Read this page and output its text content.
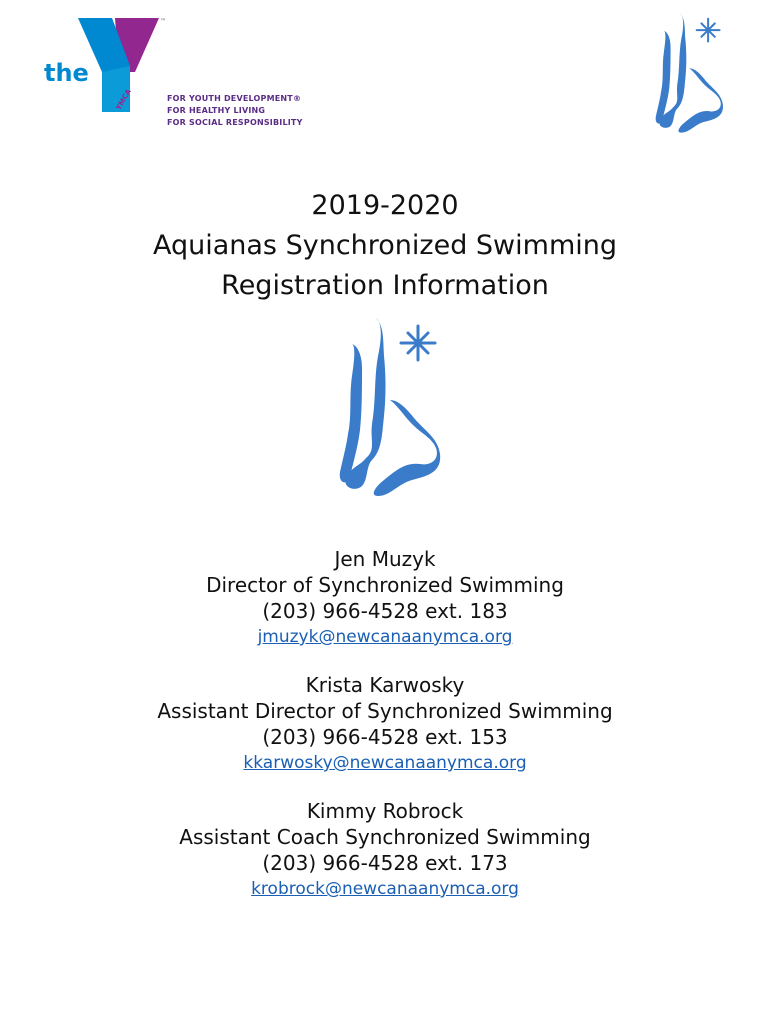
the
™
YMCA	FOR YOUTH DEVELOPMENT®
FOR HEALTHY LIVING
FOR SOCIAL RESPONSIBILITY
2019-2020
Aquianas Synchronized Swimming
Registration Information
Jen Muzyk
Director of Synchronized Swimming
(203) 966-4528 ext. 183
jmuzyk@newcanaanymca.org
Krista Karwosky
Assistant Director of Synchronized Swimming
(203) 966-4528 ext. 153
kkarwosky@newcanaanymca.org
Kimmy Robrock
Assistant Coach Synchronized Swimming
(203) 966-4528 ext. 173
krobrock@newcanaanymca.org
